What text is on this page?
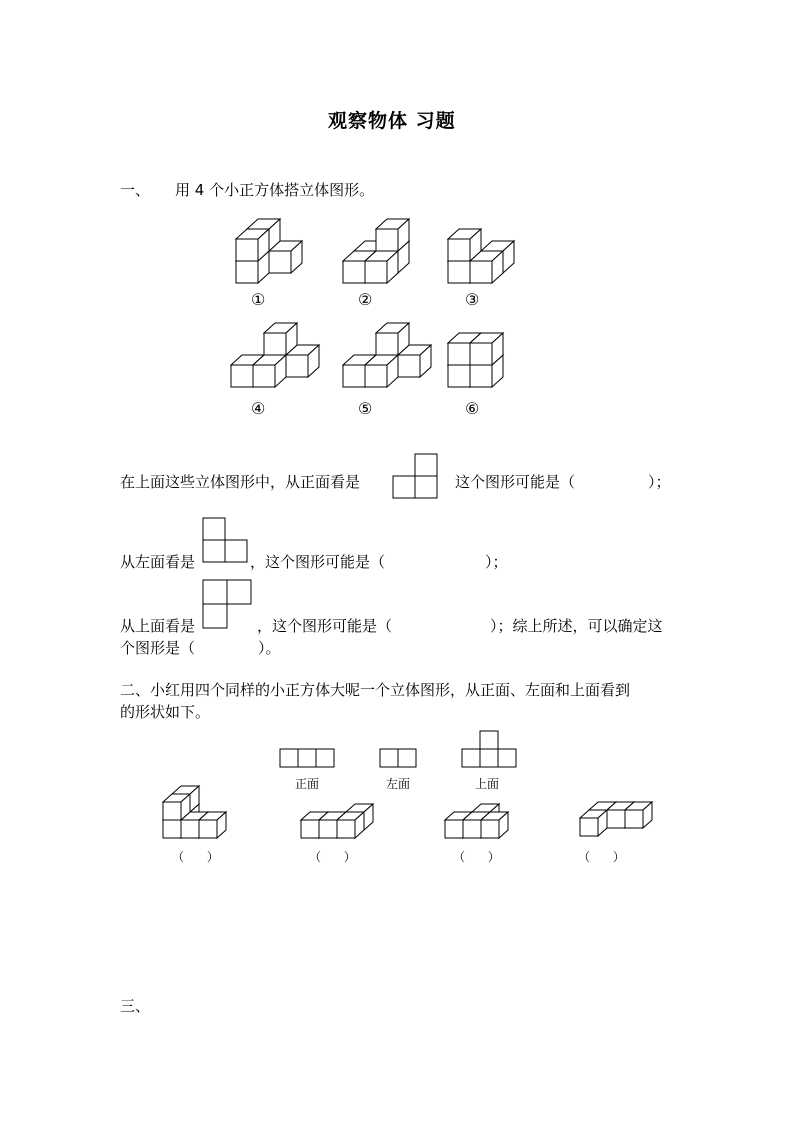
观察物体 习题
一、 用 4 个小正方体搭立体图形。
①	②	③
④	⑤	⑥
在上面这些立体图形中，从正面看是	这个图形可能是（	）；
从左面看是	，这个图形可能是（	）；
从上面看是	，这个图形可能是（	）；综上所述，可以确定这
个图形是（	）。
二、小红用四个同样的小正方体大呢一个立体图形，从正面、左面和上面看到
的形状如下。
正面	左面	上面
（      ）	（      ）	（      ）	（      ）
三、
